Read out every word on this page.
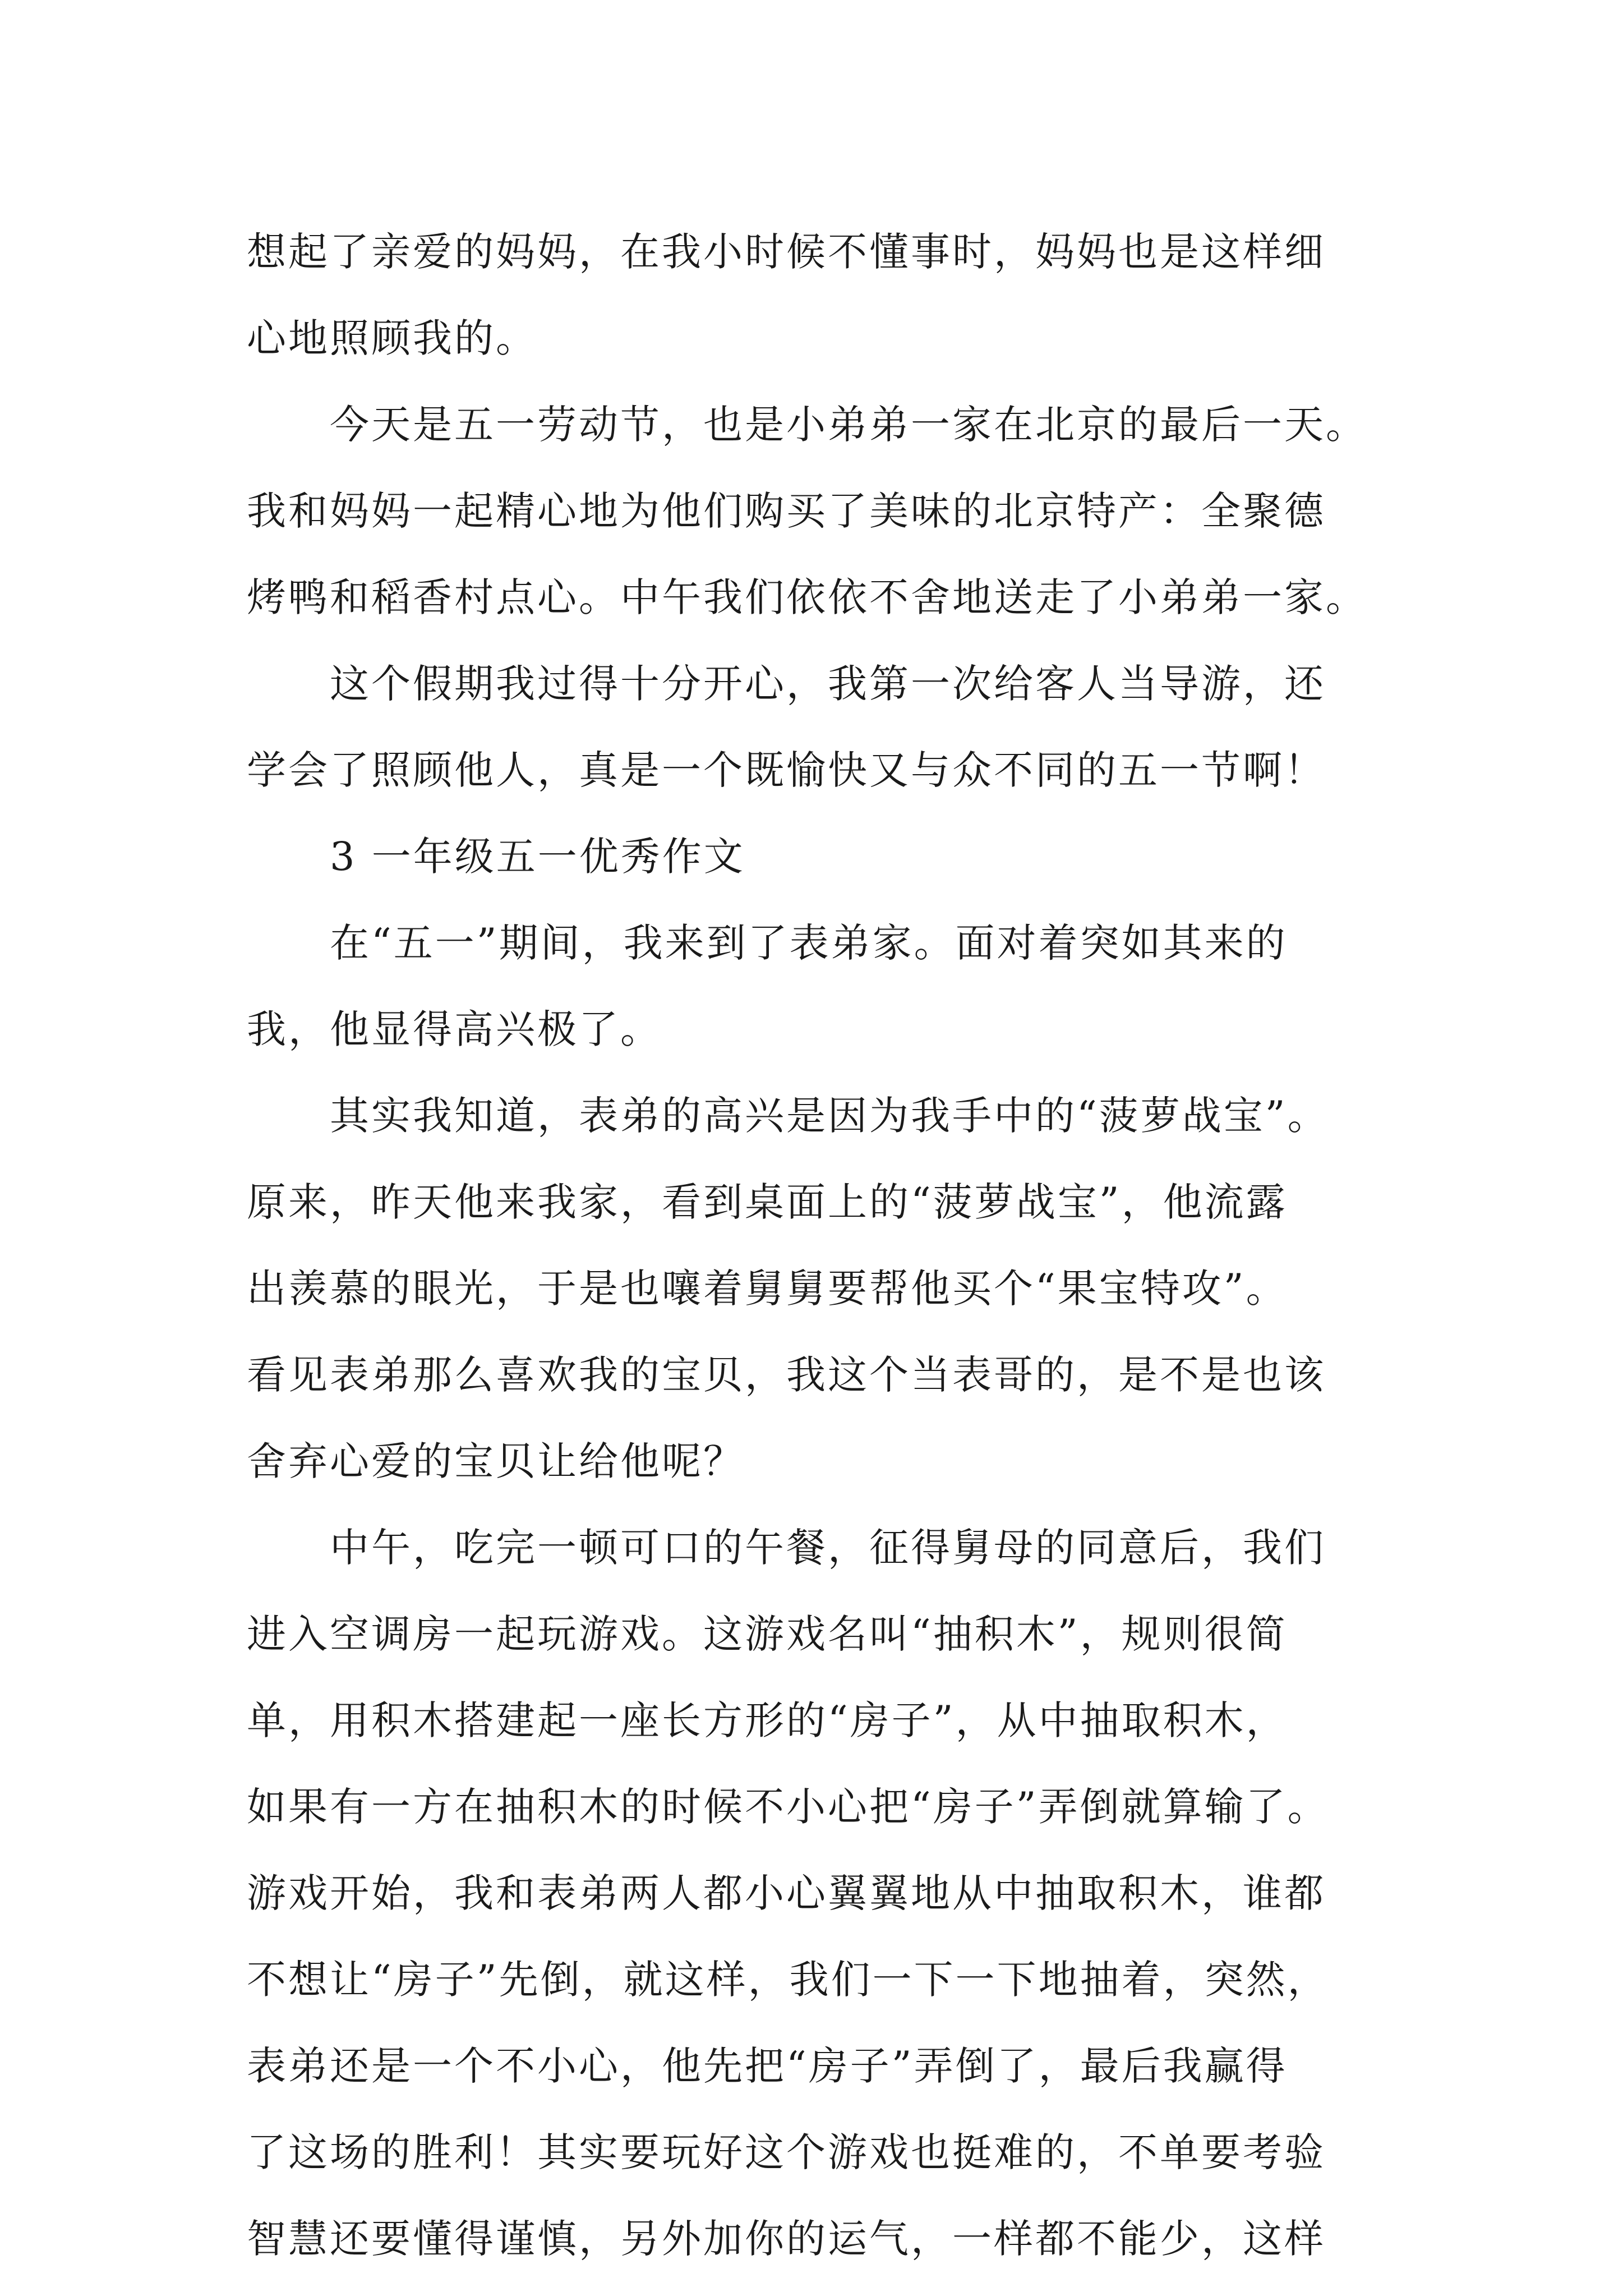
想起了亲爱的妈妈，在我小时候不懂事时，妈妈也是这样细
心地照顾我的。
今天是五一劳动节，也是小弟弟一家在北京的最后一天。
我和妈妈一起精心地为他们购买了美味的北京特产：全聚德
烤鸭和稻香村点心。中午我们依依不舍地送走了小弟弟一家。
这个假期我过得十分开心，我第一次给客人当导游，还
学会了照顾他人，真是一个既愉快又与众不同的五一节啊！
3 一年级五一优秀作文
在“五一”期间，我来到了表弟家。面对着突如其来的
我，他显得高兴极了。
其实我知道，表弟的高兴是因为我手中的“菠萝战宝”。
原来，昨天他来我家，看到桌面上的“菠萝战宝”，他流露
出羡慕的眼光，于是也嚷着舅舅要帮他买个“果宝特攻”。
看见表弟那么喜欢我的宝贝，我这个当表哥的，是不是也该
舍弃心爱的宝贝让给他呢？
中午，吃完一顿可口的午餐，征得舅母的同意后，我们
进入空调房一起玩游戏。这游戏名叫“抽积木”，规则很简
单，用积木搭建起一座长方形的“房子”，从中抽取积木，
如果有一方在抽积木的时候不小心把“房子”弄倒就算输了。
游戏开始，我和表弟两人都小心翼翼地从中抽取积木，谁都
不想让“房子”先倒，就这样，我们一下一下地抽着，突然，
表弟还是一个不小心，他先把“房子”弄倒了，最后我赢得
了这场的胜利！其实要玩好这个游戏也挺难的，不单要考验
智慧还要懂得谨慎，另外加你的运气，一样都不能少，这样
